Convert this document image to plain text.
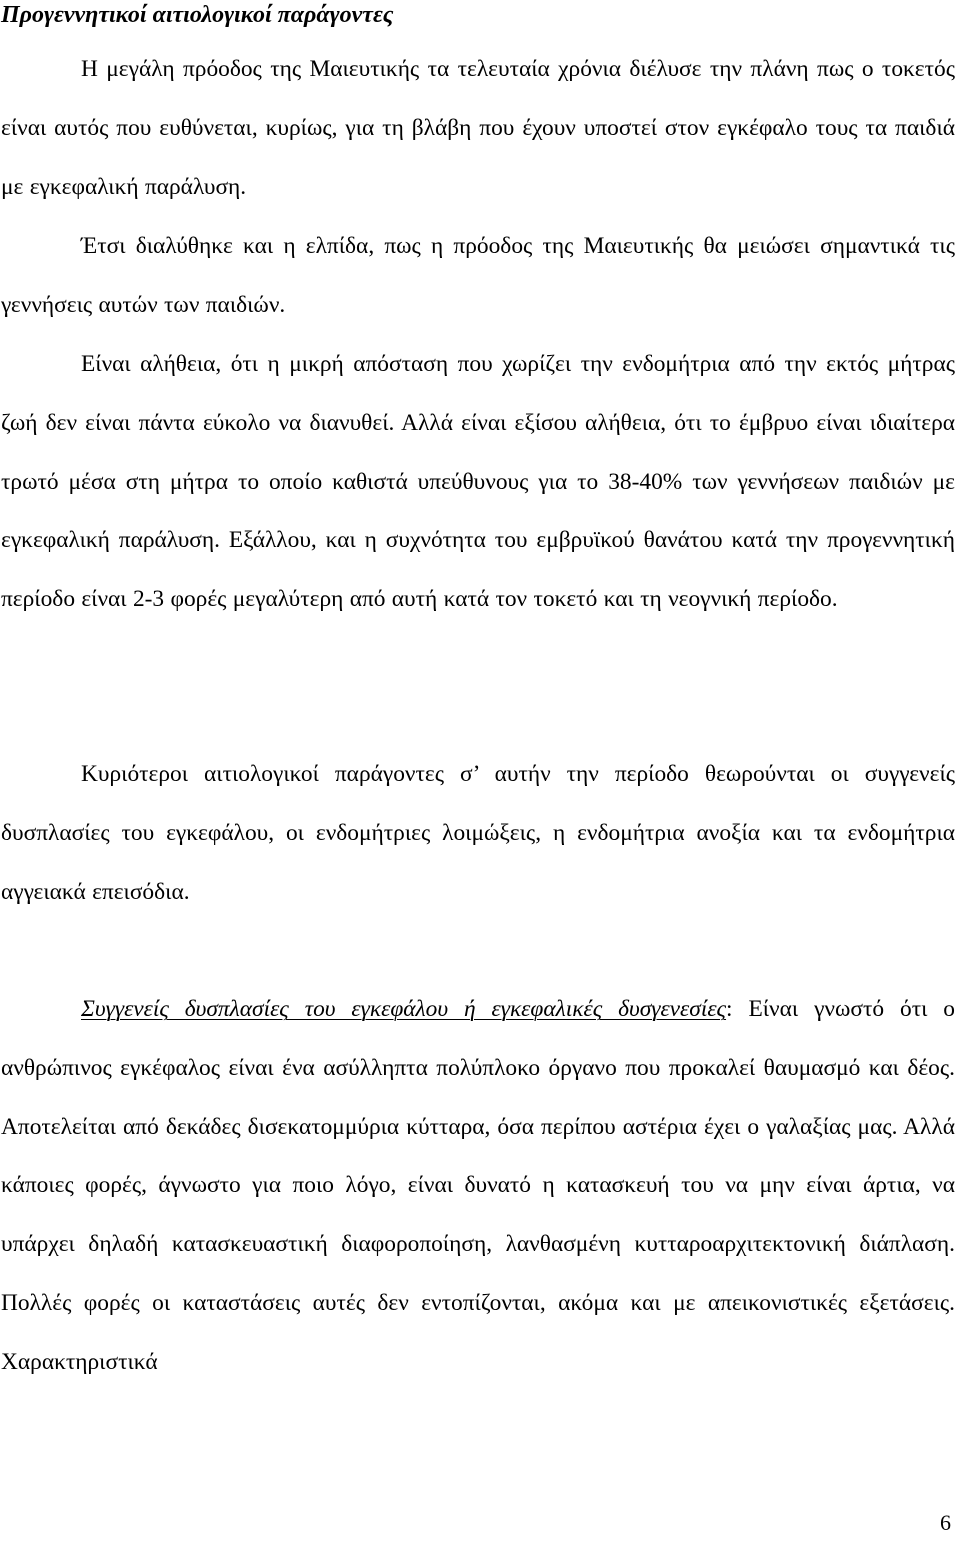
Προγεννητικοί αιτιολογικοί παράγοντες

Η μεγάλη πρόοδος της Μαιευτικής τα τελευταία χρόνια διέλυσε την πλάνη πως ο τοκετός είναι αυτός που ευθύνεται, κυρίως, για τη βλάβη που έχουν υποστεί στον εγκέφαλο τους τα παιδιά με εγκεφαλική παράλυση.

Έτσι διαλύθηκε και η ελπίδα, πως η πρόοδος της Μαιευτικής θα μειώσει σημαντικά τις γεννήσεις αυτών των παιδιών.

Είναι αλήθεια, ότι η μικρή απόσταση που χωρίζει την ενδομήτρια από την εκτός μήτρας ζωή δεν είναι πάντα εύκολο να διανυθεί. Αλλά είναι εξίσου αλήθεια, ότι το έμβρυο είναι ιδιαίτερα τρωτό μέσα στη μήτρα το οποίο καθιστά υπεύθυνους για το 38-40% των γεννήσεων παιδιών με εγκεφαλική παράλυση. Εξάλλου, και η συχνότητα του εμβρυϊκού θανάτου κατά την προγεννητική περίοδο είναι 2-3 φορές μεγαλύτερη από αυτή κατά τον τοκετό και τη νεογνική περίοδο.

Κυριότεροι αιτιολογικοί παράγοντες σ’ αυτήν την περίοδο θεωρούνται οι συγγενείς δυσπλασίες του εγκεφάλου, οι ενδομήτριες λοιμώξεις, η ενδομήτρια ανοξία και τα ενδομήτρια αγγειακά επεισόδια.

Συγγενείς δυσπλασίες του εγκεφάλου ή εγκεφαλικές δυσγενεσίες: Είναι γνωστό ότι ο ανθρώπινος εγκέφαλος είναι ένα ασύλληπτα πολύπλοκο όργανο που προκαλεί θαυμασμό και δέος. Αποτελείται από δεκάδες δισεκατομμύρια κύτταρα, όσα περίπου αστέρια έχει ο γαλαξίας μας. Αλλά κάποιες φορές, άγνωστο για ποιο λόγο, είναι δυνατό η κατασκευή του να μην είναι άρτια, να υπάρχει δηλαδή κατασκευαστική διαφοροποίηση, λανθασμένη κυτταροαρχιτεκτονική διάπλαση. Πολλές φορές οι καταστάσεις αυτές δεν εντοπίζονται, ακόμα και με απεικονιστικές εξετάσεις. Χαρακτηριστικά

6
